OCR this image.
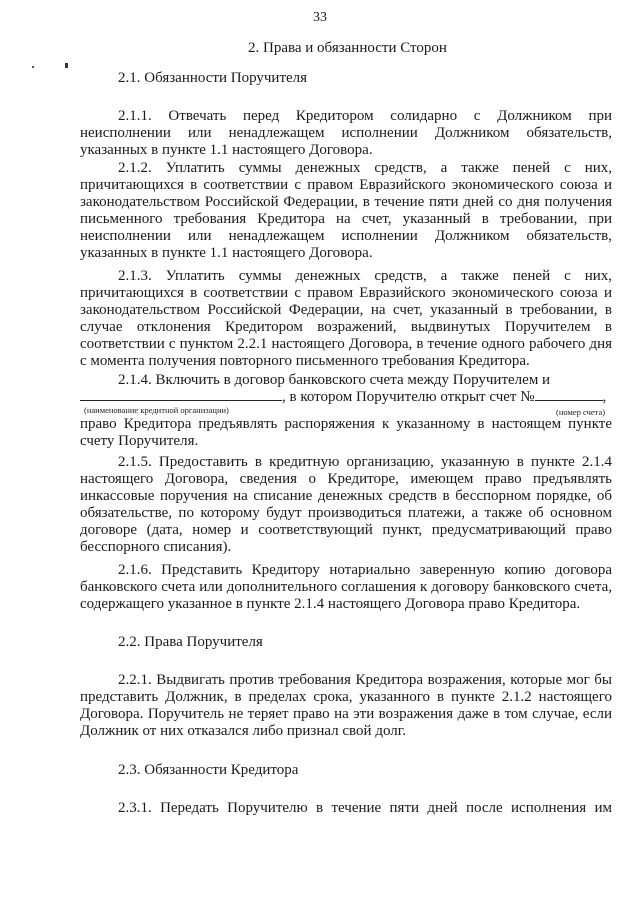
33
2. Права и обязанности Сторон
2.1. Обязанности Поручителя
2.1.1. Отвечать перед Кредитором солидарно с Должником при неисполнении или ненадлежащем исполнении Должником обязательств, указанных в пункте 1.1 настоящего Договора.
2.1.2. Уплатить суммы денежных средств, а также пеней с них, причитающихся в соответствии с правом Евразийского экономического союза и законодательством Российской Федерации, в течение пяти дней со дня получения письменного требования Кредитора на счет, указанный в требовании, при неисполнении или ненадлежащем исполнении Должником обязательств, указанных в пункте 1.1 настоящего Договора.
2.1.3. Уплатить суммы денежных средств, а также пеней с них, причитающихся в соответствии с правом Евразийского экономического союза и законодательством Российской Федерации, на счет, указанный в требовании, в случае отклонения Кредитором возражений, выдвинутых Поручителем в соответствии с пунктом 2.2.1 настоящего Договора, в течение одного рабочего дня с момента получения повторного письменного требования Кредитора.
2.1.4. Включить в договор банковского счета между Поручителем и
, в котором Поручителю открыт счет №	,
(наименование кредитной организации)	(номер счета)
право Кредитора предъявлять распоряжения к указанному в настоящем пункте счету Поручителя.
2.1.5. Предоставить в кредитную организацию, указанную в пункте 2.1.4 настоящего Договора, сведения о Кредиторе, имеющем право предъявлять инкассовые поручения на списание денежных средств в бесспорном порядке, об обязательстве, по которому будут производиться платежи, а также об основном договоре (дата, номер и соответствующий пункт, предусматривающий право бесспорного списания).
2.1.6. Представить Кредитору нотариально заверенную копию договора банковского счета или дополнительного соглашения к договору банковского счета, содержащего указанное в пункте 2.1.4 настоящего Договора право Кредитора.
2.2. Права Поручителя
2.2.1. Выдвигать против требования Кредитора возражения, которые мог бы представить Должник, в пределах срока, указанного в пункте 2.1.2 настоящего Договора. Поручитель не теряет право на эти возражения даже в том случае, если Должник от них отказался либо признал свой долг.
2.3. Обязанности Кредитора
2.3.1. Передать Поручителю в течение пяти дней после исполнения им
